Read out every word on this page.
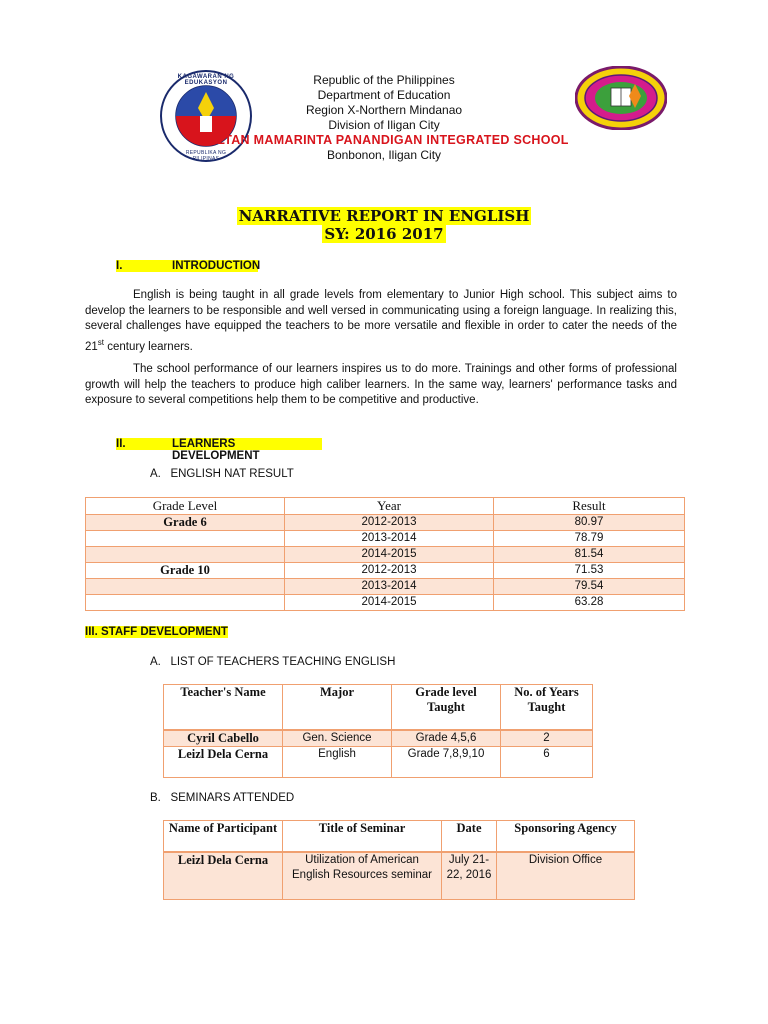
KAGAWARAN NG EDUKASYON
REPUBLIKA NG PILIPINAS
Republic of the Philippines
Department of Education
Region X-Northern Mindanao
Division of Iligan City
SULTAN MAMARINTA PANANDIGAN INTEGRATED SCHOOL
Bonbonon, Iligan City
NARRATIVE REPORT IN ENGLISH
SY: 2016 2017
I.	INTRODUCTION
English is being taught in all grade levels from elementary to Junior High school. This subject aims to develop the learners to be responsible and well versed in communicating using a foreign language. In realizing this, several challenges have equipped the teachers to be more versatile and flexible in order to cater the needs of the 21st century learners.
The school performance of our learners inspires us to do more. Trainings and other forms of professional growth will help the teachers to produce high caliber learners. In the same way, learners' performance tasks and exposure to several competitions help them to be competitive and productive.
II.	LEARNERS DEVELOPMENT
A.   ENGLISH NAT RESULT
Grade Level	Year	Result
Grade 6	2012-2013	80.97
	2013-2014	78.79
	2014-2015	81.54
Grade 10	2012-2013	71.53
	2013-2014	79.54
	2014-2015	63.28
III. STAFF DEVELOPMENT
A.   LIST OF TEACHERS TEACHING ENGLISH
Teacher's Name	Major	Grade level Taught	No. of Years Taught
Cyril Cabello	Gen. Science	Grade 4,5,6	2
Leizl Dela Cerna	English	Grade 7,8,9,10	6
B.   SEMINARS ATTENDED
Name of Participant	Title of Seminar	Date	Sponsoring Agency
Leizl Dela Cerna	Utilization of American English Resources seminar	July 21-22, 2016	Division Office
